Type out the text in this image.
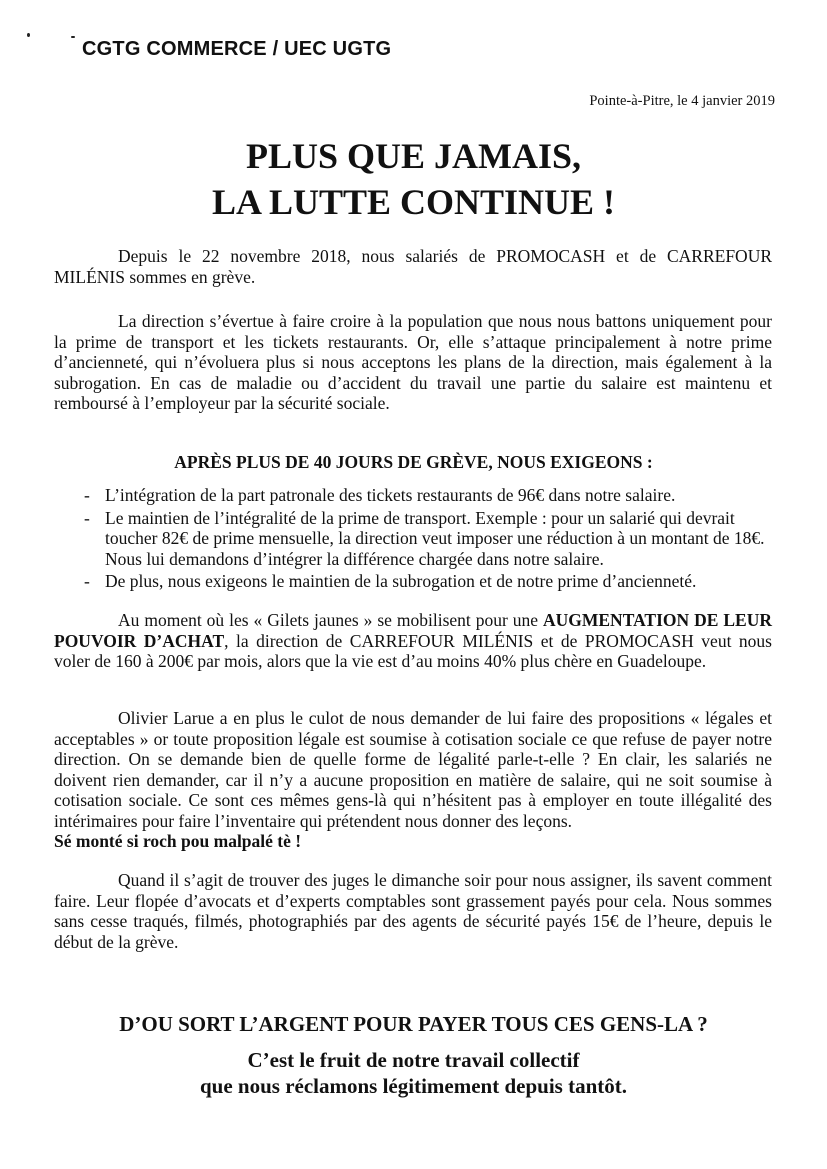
CGTG COMMERCE / UEC UGTG
Pointe-à-Pitre, le 4 janvier 2019
PLUS QUE JAMAIS,
LA LUTTE CONTINUE !
Depuis le 22 novembre 2018, nous salariés de PROMOCASH et de CARREFOUR MILÉNIS sommes en grève.
La direction s’évertue à faire croire à la population que nous nous battons uniquement pour la prime de transport et les tickets restaurants. Or, elle s’attaque principalement à notre prime d’ancienneté, qui n’évoluera plus si nous acceptons les plans de la direction, mais également à la subrogation. En cas de maladie ou d’accident du travail une partie du salaire est maintenu et remboursé à l’employeur par la sécurité sociale.
APRÈS PLUS DE 40 JOURS DE GRÈVE, NOUS EXIGEONS :
- L’intégration de la part patronale des tickets restaurants de 96€ dans notre salaire.
- Le maintien de l’intégralité de la prime de transport. Exemple : pour un salarié qui devrait toucher 82€ de prime mensuelle, la direction veut imposer une réduction à un montant de 18€. Nous lui demandons d’intégrer la différence chargée dans notre salaire.
- De plus, nous exigeons le maintien de la subrogation et de notre prime d’ancienneté.
Au moment où les « Gilets jaunes » se mobilisent pour une AUGMENTATION DE LEUR POUVOIR D’ACHAT, la direction de CARREFOUR MILÉNIS et de PROMOCASH veut nous voler de 160 à 200€ par mois, alors que la vie est d’au moins 40% plus chère en Guadeloupe.
Olivier Larue a en plus le culot de nous demander de lui faire des propositions « légales et acceptables » or toute proposition légale est soumise à cotisation sociale ce que refuse de payer notre direction. On se demande bien de quelle forme de légalité parle-t-elle ? En clair, les salariés ne doivent rien demander, car il n’y a aucune proposition en matière de salaire, qui ne soit soumise à cotisation sociale. Ce sont ces mêmes gens-là qui n’hésitent pas à employer en toute illégalité des intérimaires pour faire l’inventaire qui prétendent nous donner des leçons.
Sé monté si roch pou malpalé tè !
Quand il s’agit de trouver des juges le dimanche soir pour nous assigner, ils savent comment faire. Leur flopée d’avocats et d’experts comptables sont grassement payés pour cela. Nous sommes sans cesse traqués, filmés, photographiés par des agents de sécurité payés 15€ de l’heure, depuis le début de la grève.
D’OU SORT L’ARGENT POUR PAYER TOUS CES GENS-LA ?
C’est le fruit de notre travail collectif
que nous réclamons légitimement depuis tantôt.
